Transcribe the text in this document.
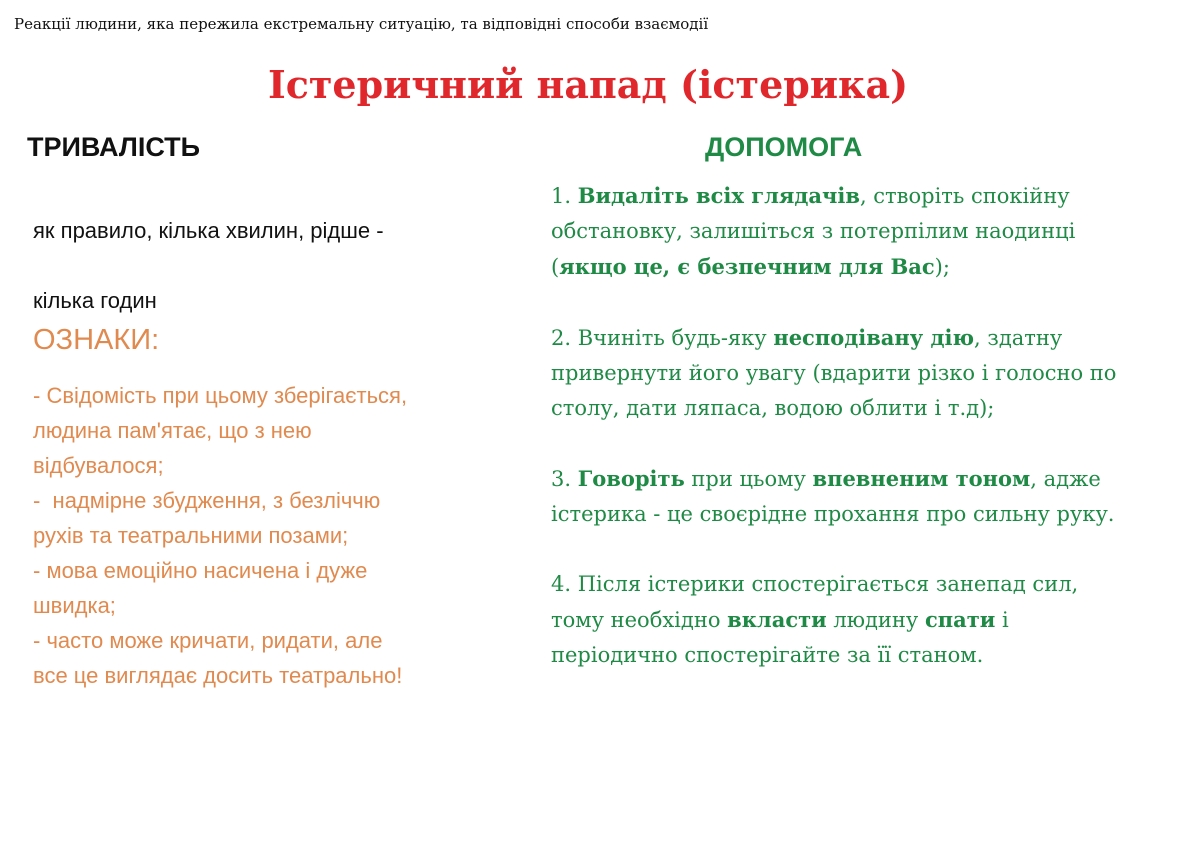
Реакції людини, яка пережила екстремальну ситуацію, та відповідні способи взаємодії
Істеричний напад (істерика)
ТРИВАЛІСТЬ

як правило, кілька хвилин, рідше -

кілька годин

ОЗНАКИ:
- Свідомість при цьому зберігається,
людина пам'ятає, що з нею
відбувалося;
-  надмірне збудження, з безліччю
рухів та театральними позами;
- мова емоційно насичена і дуже
швидка;
- часто може кричати, ридати, але
все це виглядає досить театрально!
ДОПОМОГА
1. Видаліть всіх глядачів, створіть спокійну
обстановку, залишіться з потерпілим наодинці
(якщо це, є безпечним для Вас);
2. Вчиніть будь-яку несподівану дію, здатну
привернути його увагу (вдарити різко і голосно по
столу, дати ляпаса, водою облити і т.д);
3. Говоріть при цьому впевненим тоном, адже
істерика - це своєрідне прохання про сильну руку.
4. Після істерики спостерігається занепад сил,
тому необхідно вкласти людину спати і
періодично спостерігайте за її станом.
